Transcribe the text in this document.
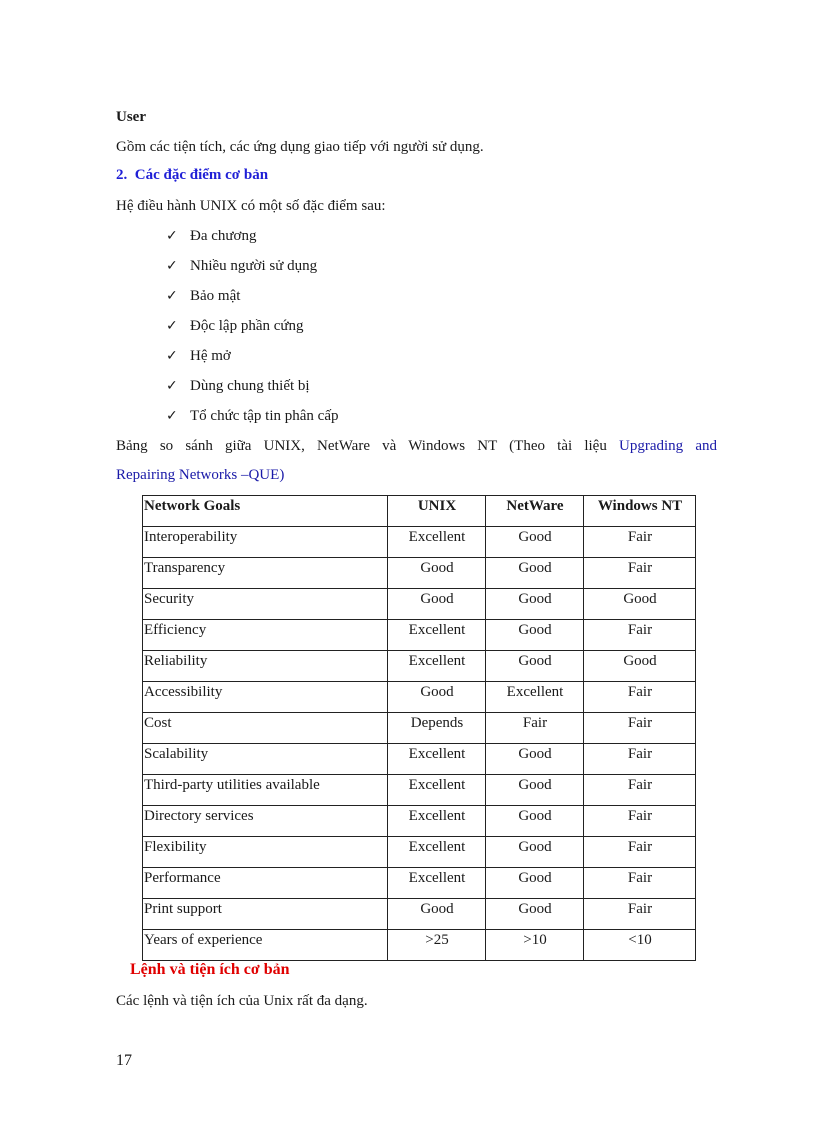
User
Gồm các tiện tích, các ứng dụng giao tiếp với người sử dụng.
2. Các đặc điểm cơ bản
Hệ điều hành UNIX có một số đặc điểm sau:
✓ Đa chương
✓ Nhiều người sử dụng
✓ Bảo mật
✓ Độc lập phần cứng
✓ Hệ mở
✓ Dùng chung thiết bị
✓ Tổ chức tập tin phân cấp
Bảng so sánh giữa UNIX, NetWare và Windows NT (Theo tài liệu Upgrading and
Repairing Networks –QUE)
Network Goals	UNIX	NetWare	Windows NT
Interoperability	Excellent	Good	Fair
Transparency	Good	Good	Fair
Security	Good	Good	Good
Efficiency	Excellent	Good	Fair
Reliability	Excellent	Good	Good
Accessibility	Good	Excellent	Fair
Cost	Depends	Fair	Fair
Scalability	Excellent	Good	Fair
Third-party utilities available	Excellent	Good	Fair
Directory services	Excellent	Good	Fair
Flexibility	Excellent	Good	Fair
Performance	Excellent	Good	Fair
Print support	Good	Good	Fair
Years of experience	>25	>10	<10
Lệnh và tiện ích cơ bản
Các lệnh và tiện ích của Unix rất đa dạng.
17
